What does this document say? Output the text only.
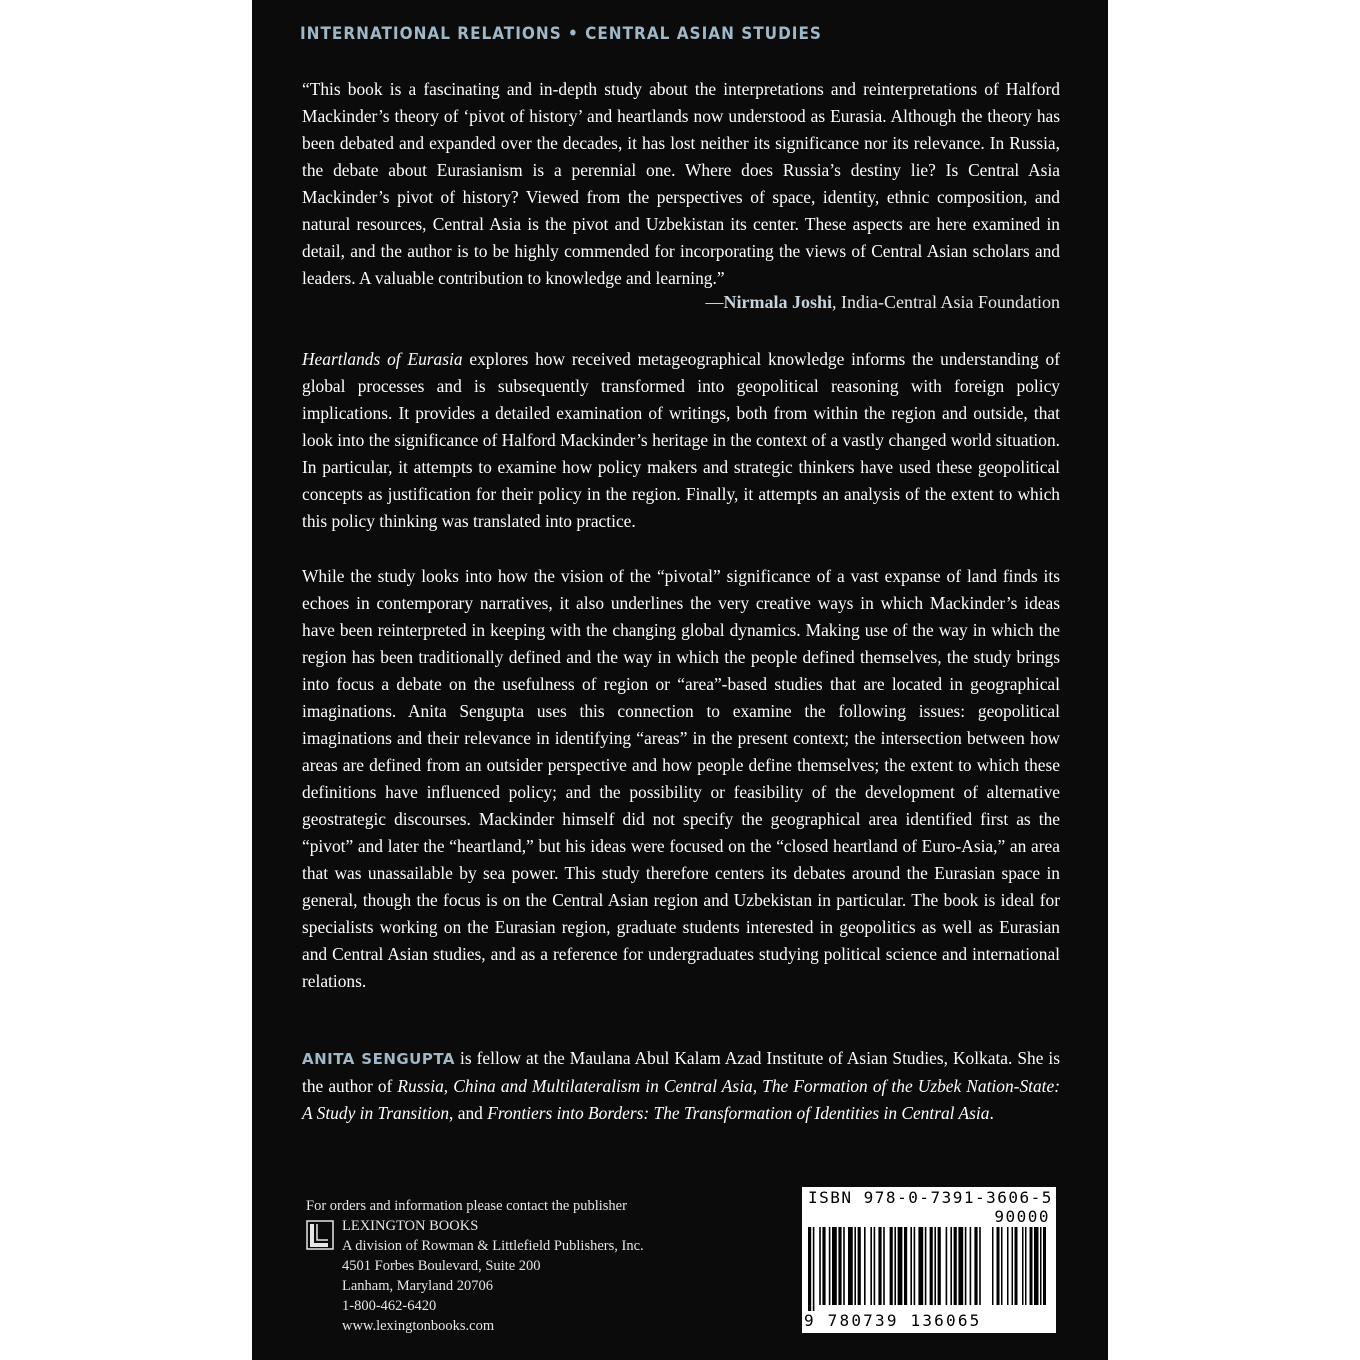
INTERNATIONAL RELATIONS • CENTRAL ASIAN STUDIES
“This book is a fascinating and in-depth study about the interpretations and reinterpretations of Halford Mackinder’s theory of ‘pivot of history’ and heartlands now understood as Eurasia. Although the theory has been debated and expanded over the decades, it has lost neither its significance nor its relevance. In Russia, the debate about Eurasianism is a perennial one. Where does Russia’s destiny lie? Is Central Asia Mackinder’s pivot of history? Viewed from the perspectives of space, identity, ethnic composition, and natural resources, Central Asia is the pivot and Uzbekistan its center. These aspects are here examined in detail, and the author is to be highly commended for incorporating the views of Central Asian scholars and leaders. A valuable contribution to knowledge and learning.”
—Nirmala Joshi, India-Central Asia Foundation
Heartlands of Eurasia explores how received metageographical knowledge informs the understanding of global processes and is subsequently transformed into geopolitical reasoning with foreign policy implications. It provides a detailed examination of writings, both from within the region and outside, that look into the significance of Halford Mackinder’s heritage in the context of a vastly changed world situation. In particular, it attempts to examine how policy makers and strategic thinkers have used these geopolitical concepts as justification for their policy in the region. Finally, it attempts an analysis of the extent to which this policy thinking was translated into practice.
While the study looks into how the vision of the “pivotal” significance of a vast expanse of land finds its echoes in contemporary narratives, it also underlines the very creative ways in which Mackinder’s ideas have been reinterpreted in keeping with the changing global dynamics. Making use of the way in which the region has been traditionally defined and the way in which the people defined themselves, the study brings into focus a debate on the usefulness of region or “area”-based studies that are located in geographical imaginations. Anita Sengupta uses this connection to examine the following issues: geopolitical imaginations and their relevance in identifying “areas” in the present context; the intersection between how areas are defined from an outsider perspective and how people define themselves; the extent to which these definitions have influenced policy; and the possibility or feasibility of the development of alternative geostrategic discourses. Mackinder himself did not specify the geographical area identified first as the “pivot” and later the “heartland,” but his ideas were focused on the “closed heartland of Euro-Asia,” an area that was unassailable by sea power. This study therefore centers its debates around the Eurasian space in general, though the focus is on the Central Asian region and Uzbekistan in particular. The book is ideal for specialists working on the Eurasian region, graduate students interested in geopolitics as well as Eurasian and Central Asian studies, and as a reference for undergraduates studying political science and international relations.
ANITA SENGUPTA is fellow at the Maulana Abul Kalam Azad Institute of Asian Studies, Kolkata. She is the author of Russia, China and Multilateralism in Central Asia, The Formation of the Uzbek Nation-State: A Study in Transition, and Frontiers into Borders: The Transformation of Identities in Central Asia.
For orders and information please contact the publisher
LEXINGTON BOOKS
A division of Rowman & Littlefield Publishers, Inc.
4501 Forbes Boulevard, Suite 200
Lanham, Maryland 20706
1-800-462-6420
www.lexingtonbooks.com
ISBN 978-0-7391-3606-5
90000
9 780739 136065
